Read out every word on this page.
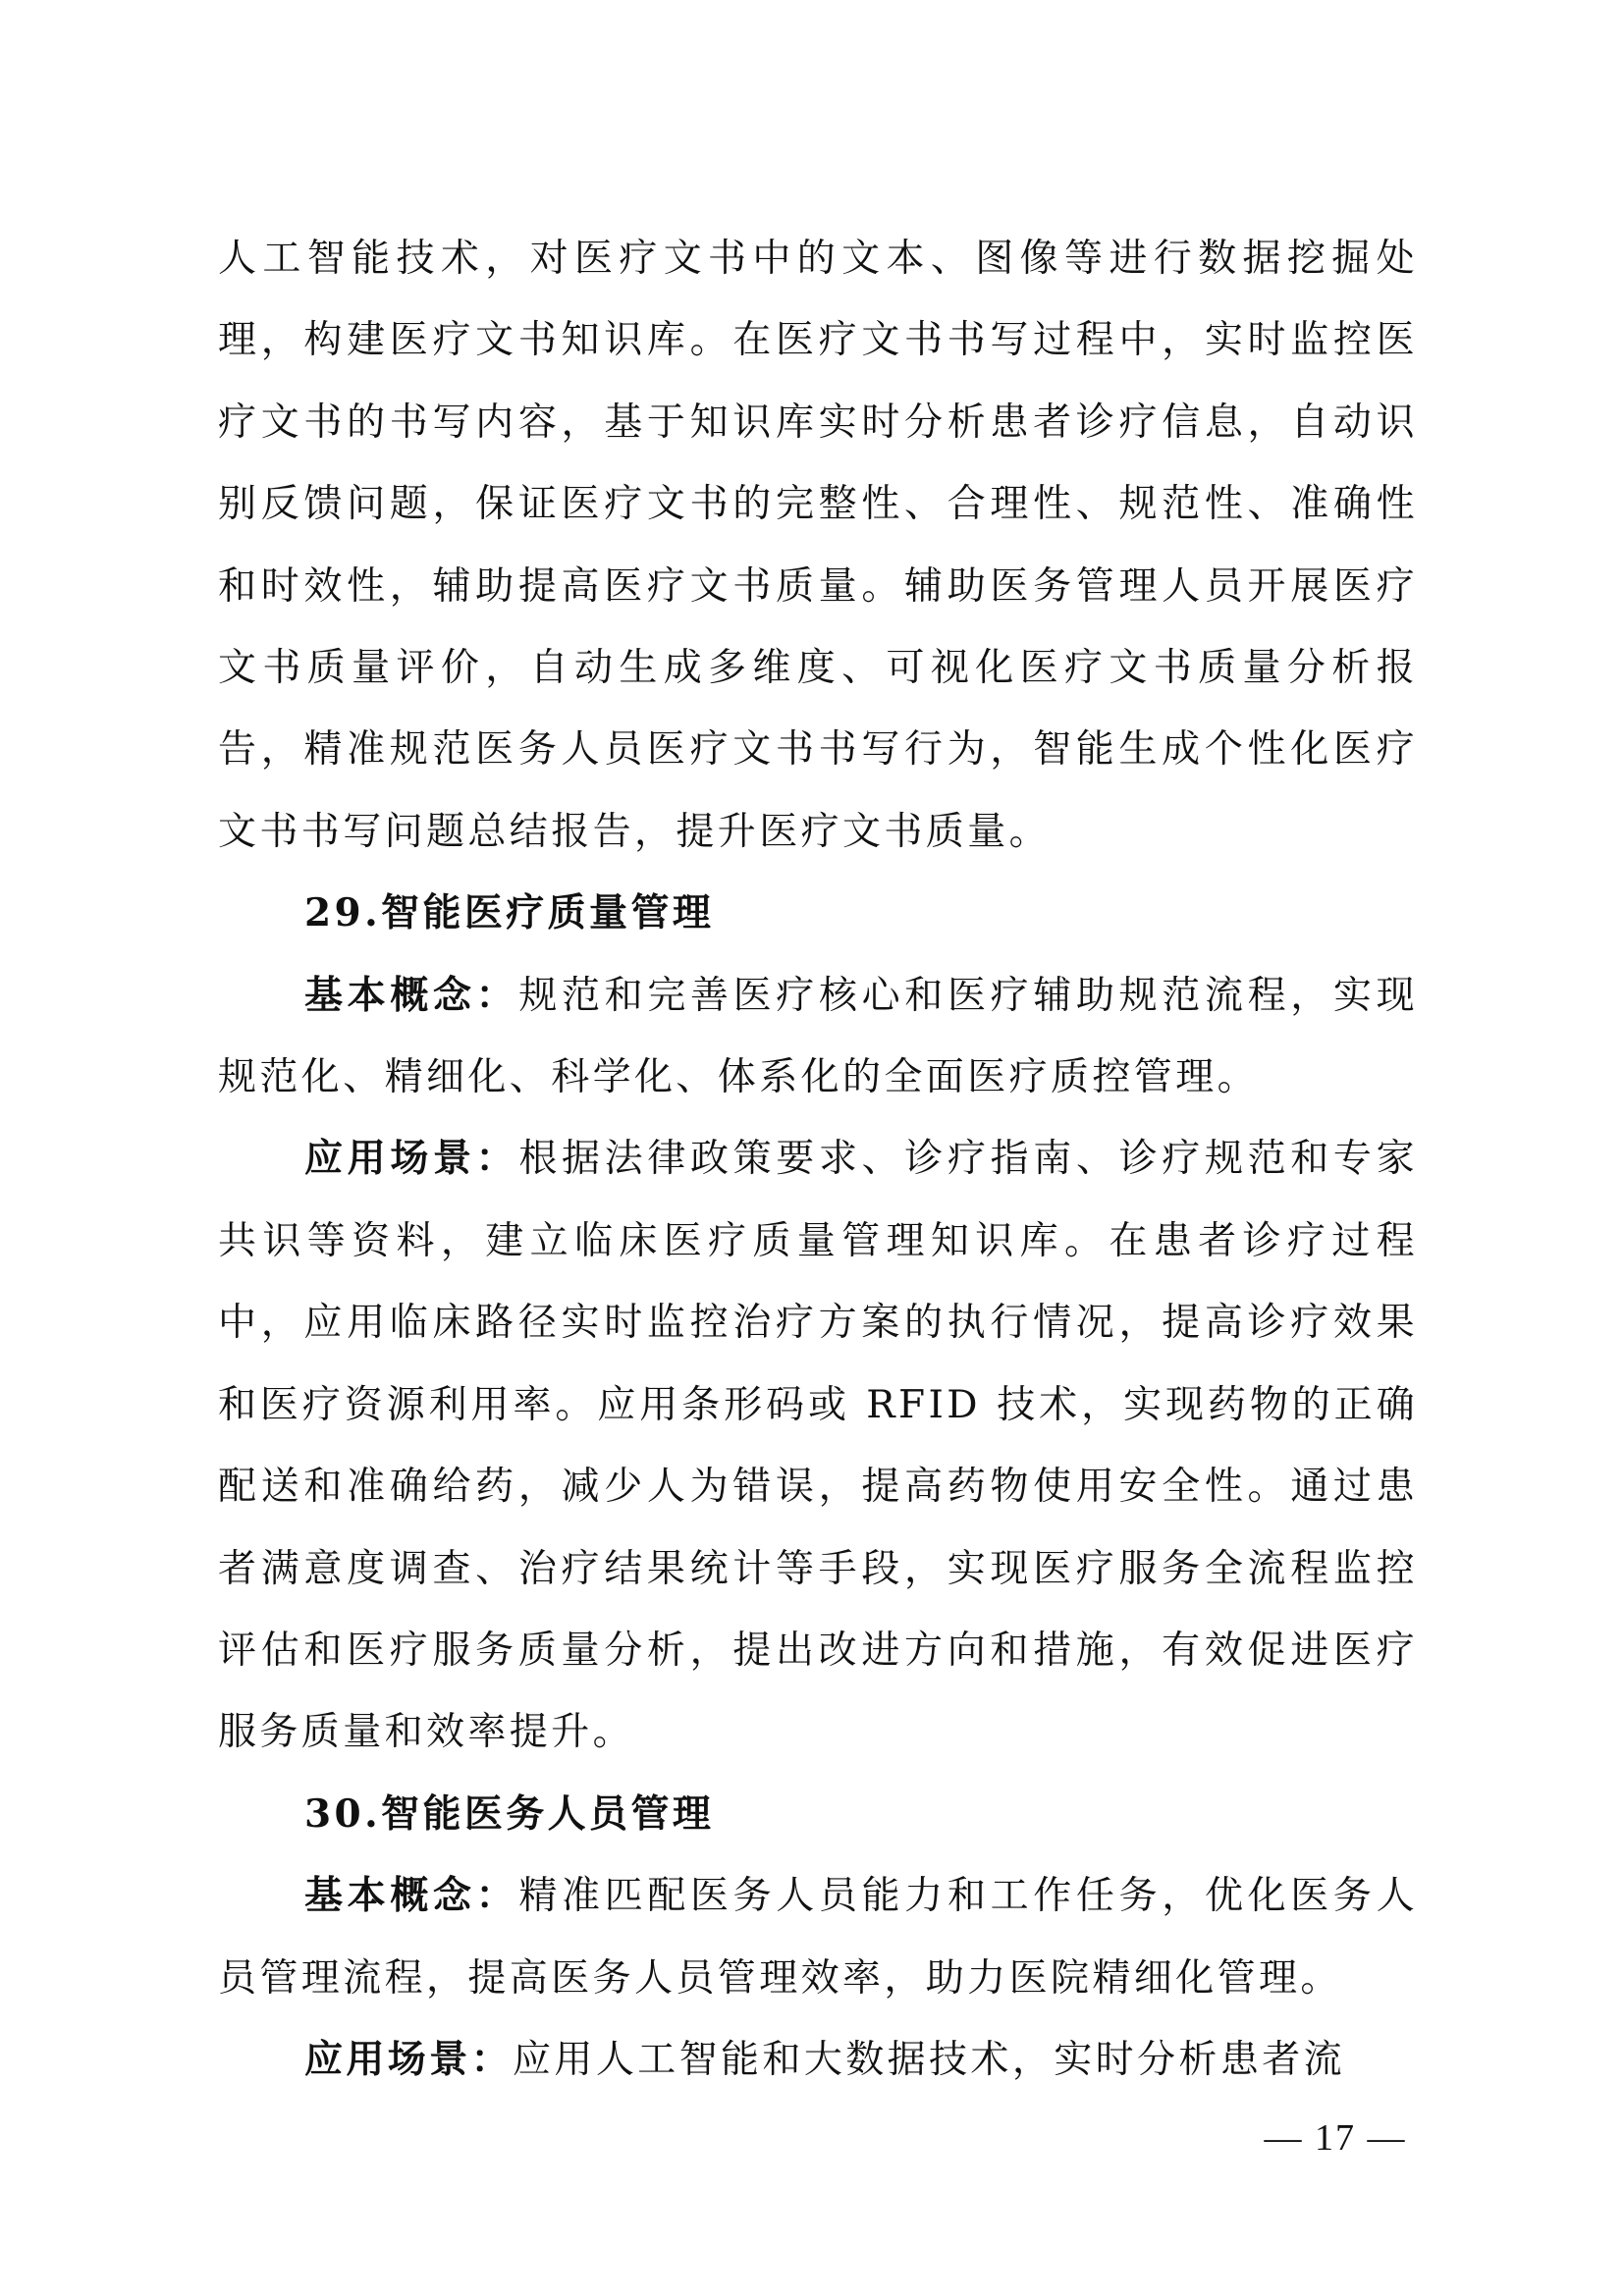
人工智能技术，对医疗文书中的文本、图像等进行数据挖掘处理，构建医疗文书知识库。在医疗文书书写过程中，实时监控医疗文书的书写内容，基于知识库实时分析患者诊疗信息，自动识别反馈问题，保证医疗文书的完整性、合理性、规范性、准确性和时效性，辅助提高医疗文书质量。辅助医务管理人员开展医疗文书质量评价，自动生成多维度、可视化医疗文书质量分析报告，精准规范医务人员医疗文书书写行为，智能生成个性化医疗文书书写问题总结报告，提升医疗文书质量。

29.智能医疗质量管理

基本概念：规范和完善医疗核心和医疗辅助规范流程，实现规范化、精细化、科学化、体系化的全面医疗质控管理。

应用场景：根据法律政策要求、诊疗指南、诊疗规范和专家共识等资料，建立临床医疗质量管理知识库。在患者诊疗过程中，应用临床路径实时监控治疗方案的执行情况，提高诊疗效果和医疗资源利用率。应用条形码或 RFID 技术，实现药物的正确配送和准确给药，减少人为错误，提高药物使用安全性。通过患者满意度调查、治疗结果统计等手段，实现医疗服务全流程监控评估和医疗服务质量分析，提出改进方向和措施，有效促进医疗服务质量和效率提升。

30.智能医务人员管理

基本概念：精准匹配医务人员能力和工作任务，优化医务人员管理流程，提高医务人员管理效率，助力医院精细化管理。

应用场景：应用人工智能和大数据技术，实时分析患者流

— 17 —
